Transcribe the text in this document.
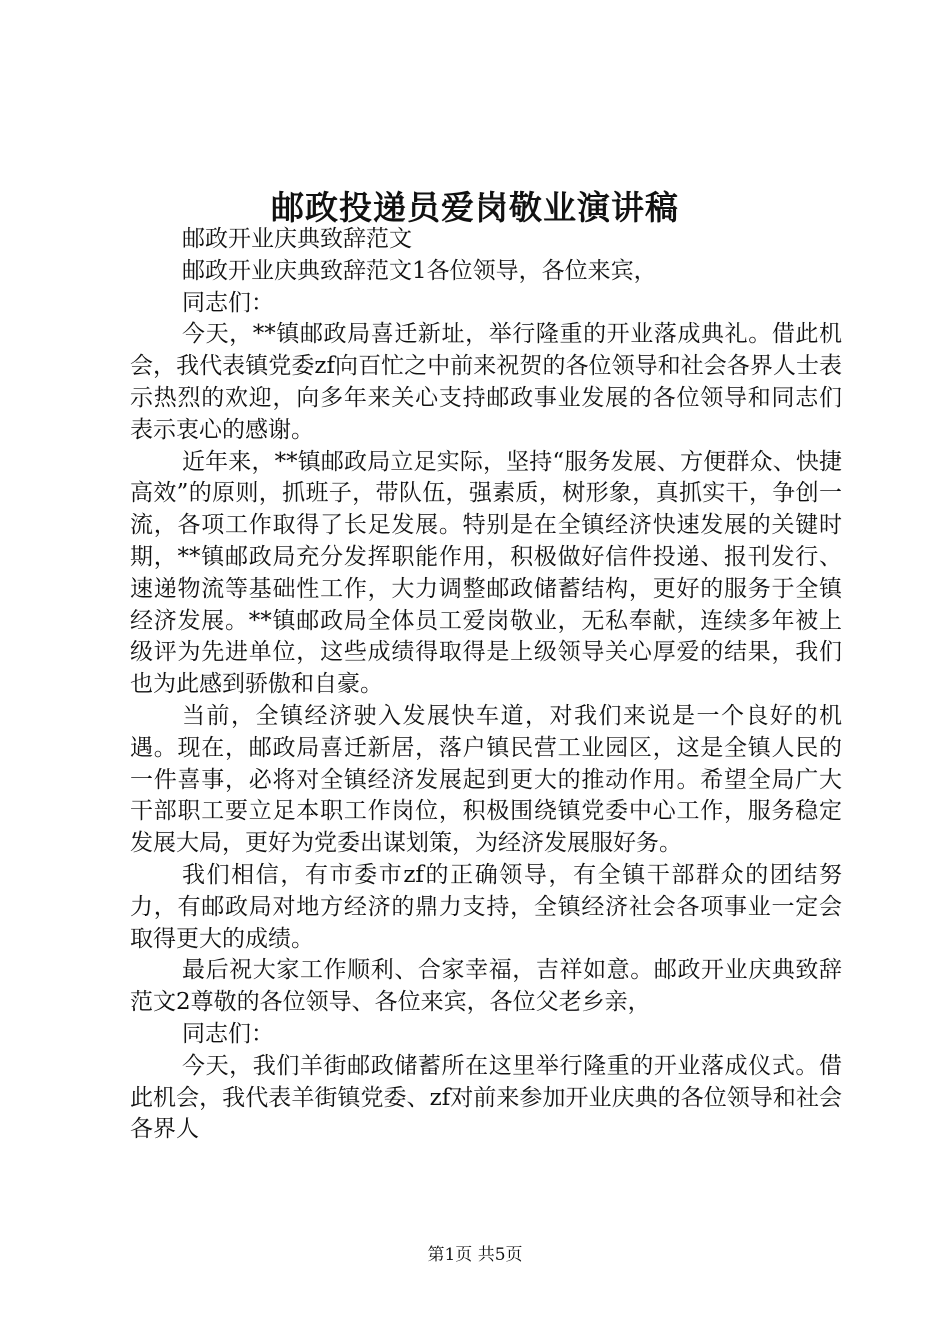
邮政投递员爱岗敬业演讲稿

邮政开业庆典致辞范文

邮政开业庆典致辞范文1各位领导，各位来宾，

同志们：

今天，**镇邮政局喜迁新址，举行隆重的开业落成典礼。借此机会，我代表镇党委zf向百忙之中前来祝贺的各位领导和社会各界人士表示热烈的欢迎，向多年来关心支持邮政事业发展的各位领导和同志们表示衷心的感谢。

近年来，**镇邮政局立足实际，坚持“服务发展、方便群众、快捷高效”的原则，抓班子，带队伍，强素质，树形象，真抓实干，争创一流，各项工作取得了长足发展。特别是在全镇经济快速发展的关键时期，**镇邮政局充分发挥职能作用，积极做好信件投递、报刊发行、速递物流等基础性工作，大力调整邮政储蓄结构，更好的服务于全镇经济发展。**镇邮政局全体员工爱岗敬业，无私奉献，连续多年被上级评为先进单位，这些成绩得取得是上级领导关心厚爱的结果，我们也为此感到骄傲和自豪。

当前，全镇经济驶入发展快车道，对我们来说是一个良好的机遇。现在，邮政局喜迁新居，落户镇民营工业园区，这是全镇人民的一件喜事，必将对全镇经济发展起到更大的推动作用。希望全局广大干部职工要立足本职工作岗位，积极围绕镇党委中心工作，服务稳定发展大局，更好为党委出谋划策，为经济发展服好务。

我们相信，有市委市zf的正确领导，有全镇干部群众的团结努力，有邮政局对地方经济的鼎力支持，全镇经济社会各项事业一定会取得更大的成绩。

最后祝大家工作顺利、合家幸福，吉祥如意。邮政开业庆典致辞范文2尊敬的各位领导、各位来宾，各位父老乡亲，

同志们：

今天，我们羊街邮政储蓄所在这里举行隆重的开业落成仪式。借此机会，我代表羊街镇党委、zf对前来参加开业庆典的各位领导和社会各界人

第1页 共5页
